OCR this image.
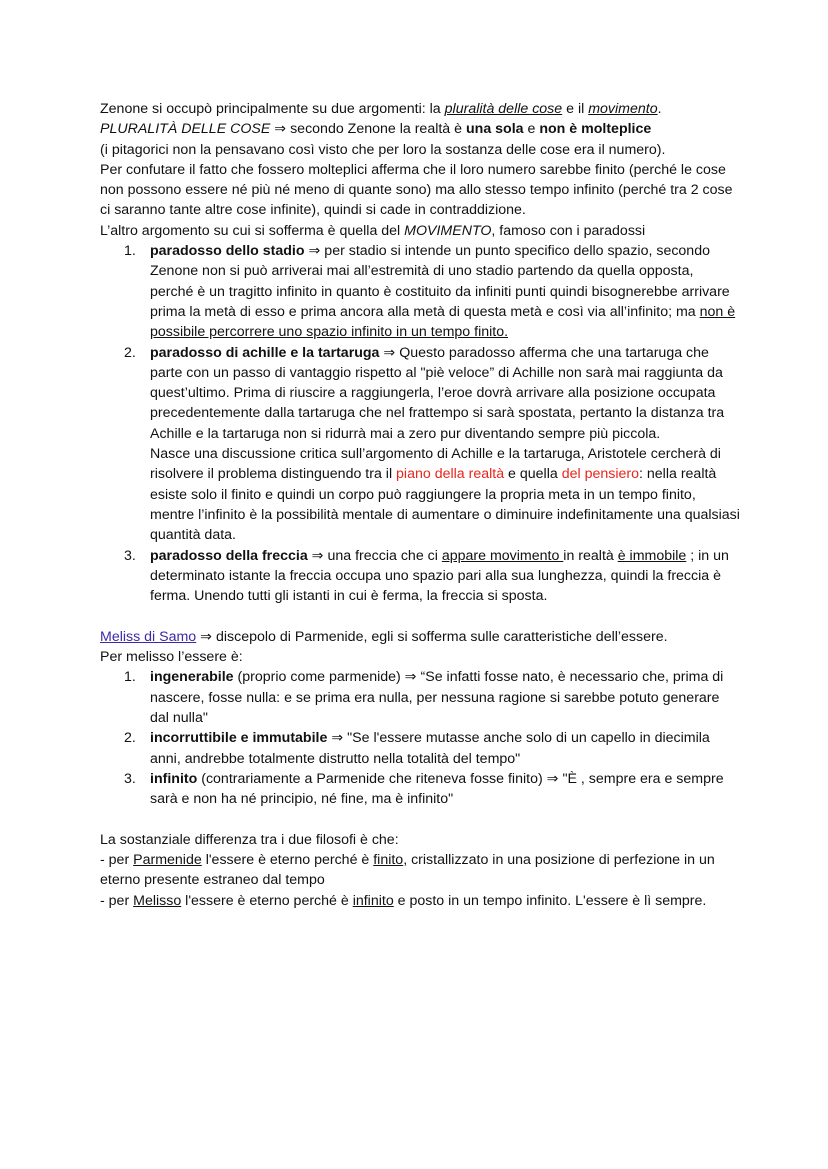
Zenone si occupò principalmente su due argomenti: la pluralità delle cose e il movimento.

PLURALITÀ DELLE COSE ⇒ secondo Zenone la realtà è una sola e non è molteplice

(i pitagorici non la pensavano così visto che per loro la sostanza delle cose era il numero).

Per confutare il fatto che fossero molteplici afferma che il loro numero sarebbe finito (perché le cose non possono essere né più né meno di quante sono) ma allo stesso tempo infinito (perché tra 2 cose ci saranno tante altre cose infinite), quindi si cade in contraddizione.

L’altro argomento su cui si sofferma è quella del MOVIMENTO, famoso con i paradossi

1. paradosso dello stadio ⇒ per stadio si intende un punto specifico dello spazio, secondo Zenone non si può arriverai mai all’estremità di uno stadio partendo da quella opposta, perché è un tragitto infinito in quanto è costituito da infiniti punti quindi bisognerebbe arrivare prima la metà di esso e prima ancora alla metà di questa metà e così via all’infinito; ma non è possibile percorrere uno spazio infinito in un tempo finito.
2. paradosso di achille e la tartaruga ⇒ Questo paradosso afferma che una tartaruga che parte con un passo di vantaggio rispetto al "piè veloce” di Achille non sarà mai raggiunta da quest’ultimo. Prima di riuscire a raggiungerla, l’eroe dovrà arrivare alla posizione occupata precedentemente dalla tartaruga che nel frattempo si sarà spostata, pertanto la distanza tra Achille e la tartaruga non si ridurrà mai a zero pur diventando sempre più piccola.
Nasce una discussione critica sull’argomento di Achille e la tartaruga, Aristotele cercherà di risolvere il problema distinguendo tra il piano della realtà e quella del pensiero: nella realtà esiste solo il finito e quindi un corpo può raggiungere la propria meta in un tempo finito, mentre l’infinito è la possibilità mentale di aumentare o diminuire indefinitamente una qualsiasi quantità data.
3. paradosso della freccia ⇒ una freccia che ci appare movimento in realtà è immobile ; in un determinato istante la freccia occupa uno spazio pari alla sua lunghezza, quindi la freccia è ferma. Unendo tutti gli istanti in cui è ferma, la freccia si sposta.

Meliss di Samo ⇒ discepolo di Parmenide, egli si sofferma sulle caratteristiche dell’essere.

Per melisso l’essere è:

1. ingenerabile (proprio come parmenide) ⇒ “Se infatti fosse nato, è necessario che, prima di nascere, fosse nulla: e se prima era nulla, per nessuna ragione si sarebbe potuto generare dal nulla"
2. incorruttibile e immutabile ⇒ "Se l'essere mutasse anche solo di un capello in diecimila anni, andrebbe totalmente distrutto nella totalità del tempo"
3. infinito (contrariamente a Parmenide che riteneva fosse finito) ⇒ "È , sempre era e sempre sarà e non ha né principio, né fine, ma è infinito"

La sostanziale differenza tra i due filosofi è che:

- per Parmenide l'essere è eterno perché è finito, cristallizzato in una posizione di perfezione in un eterno presente estraneo dal tempo

- per Melisso l'essere è eterno perché è infinito e posto in un tempo infinito. L'essere è lì sempre.
